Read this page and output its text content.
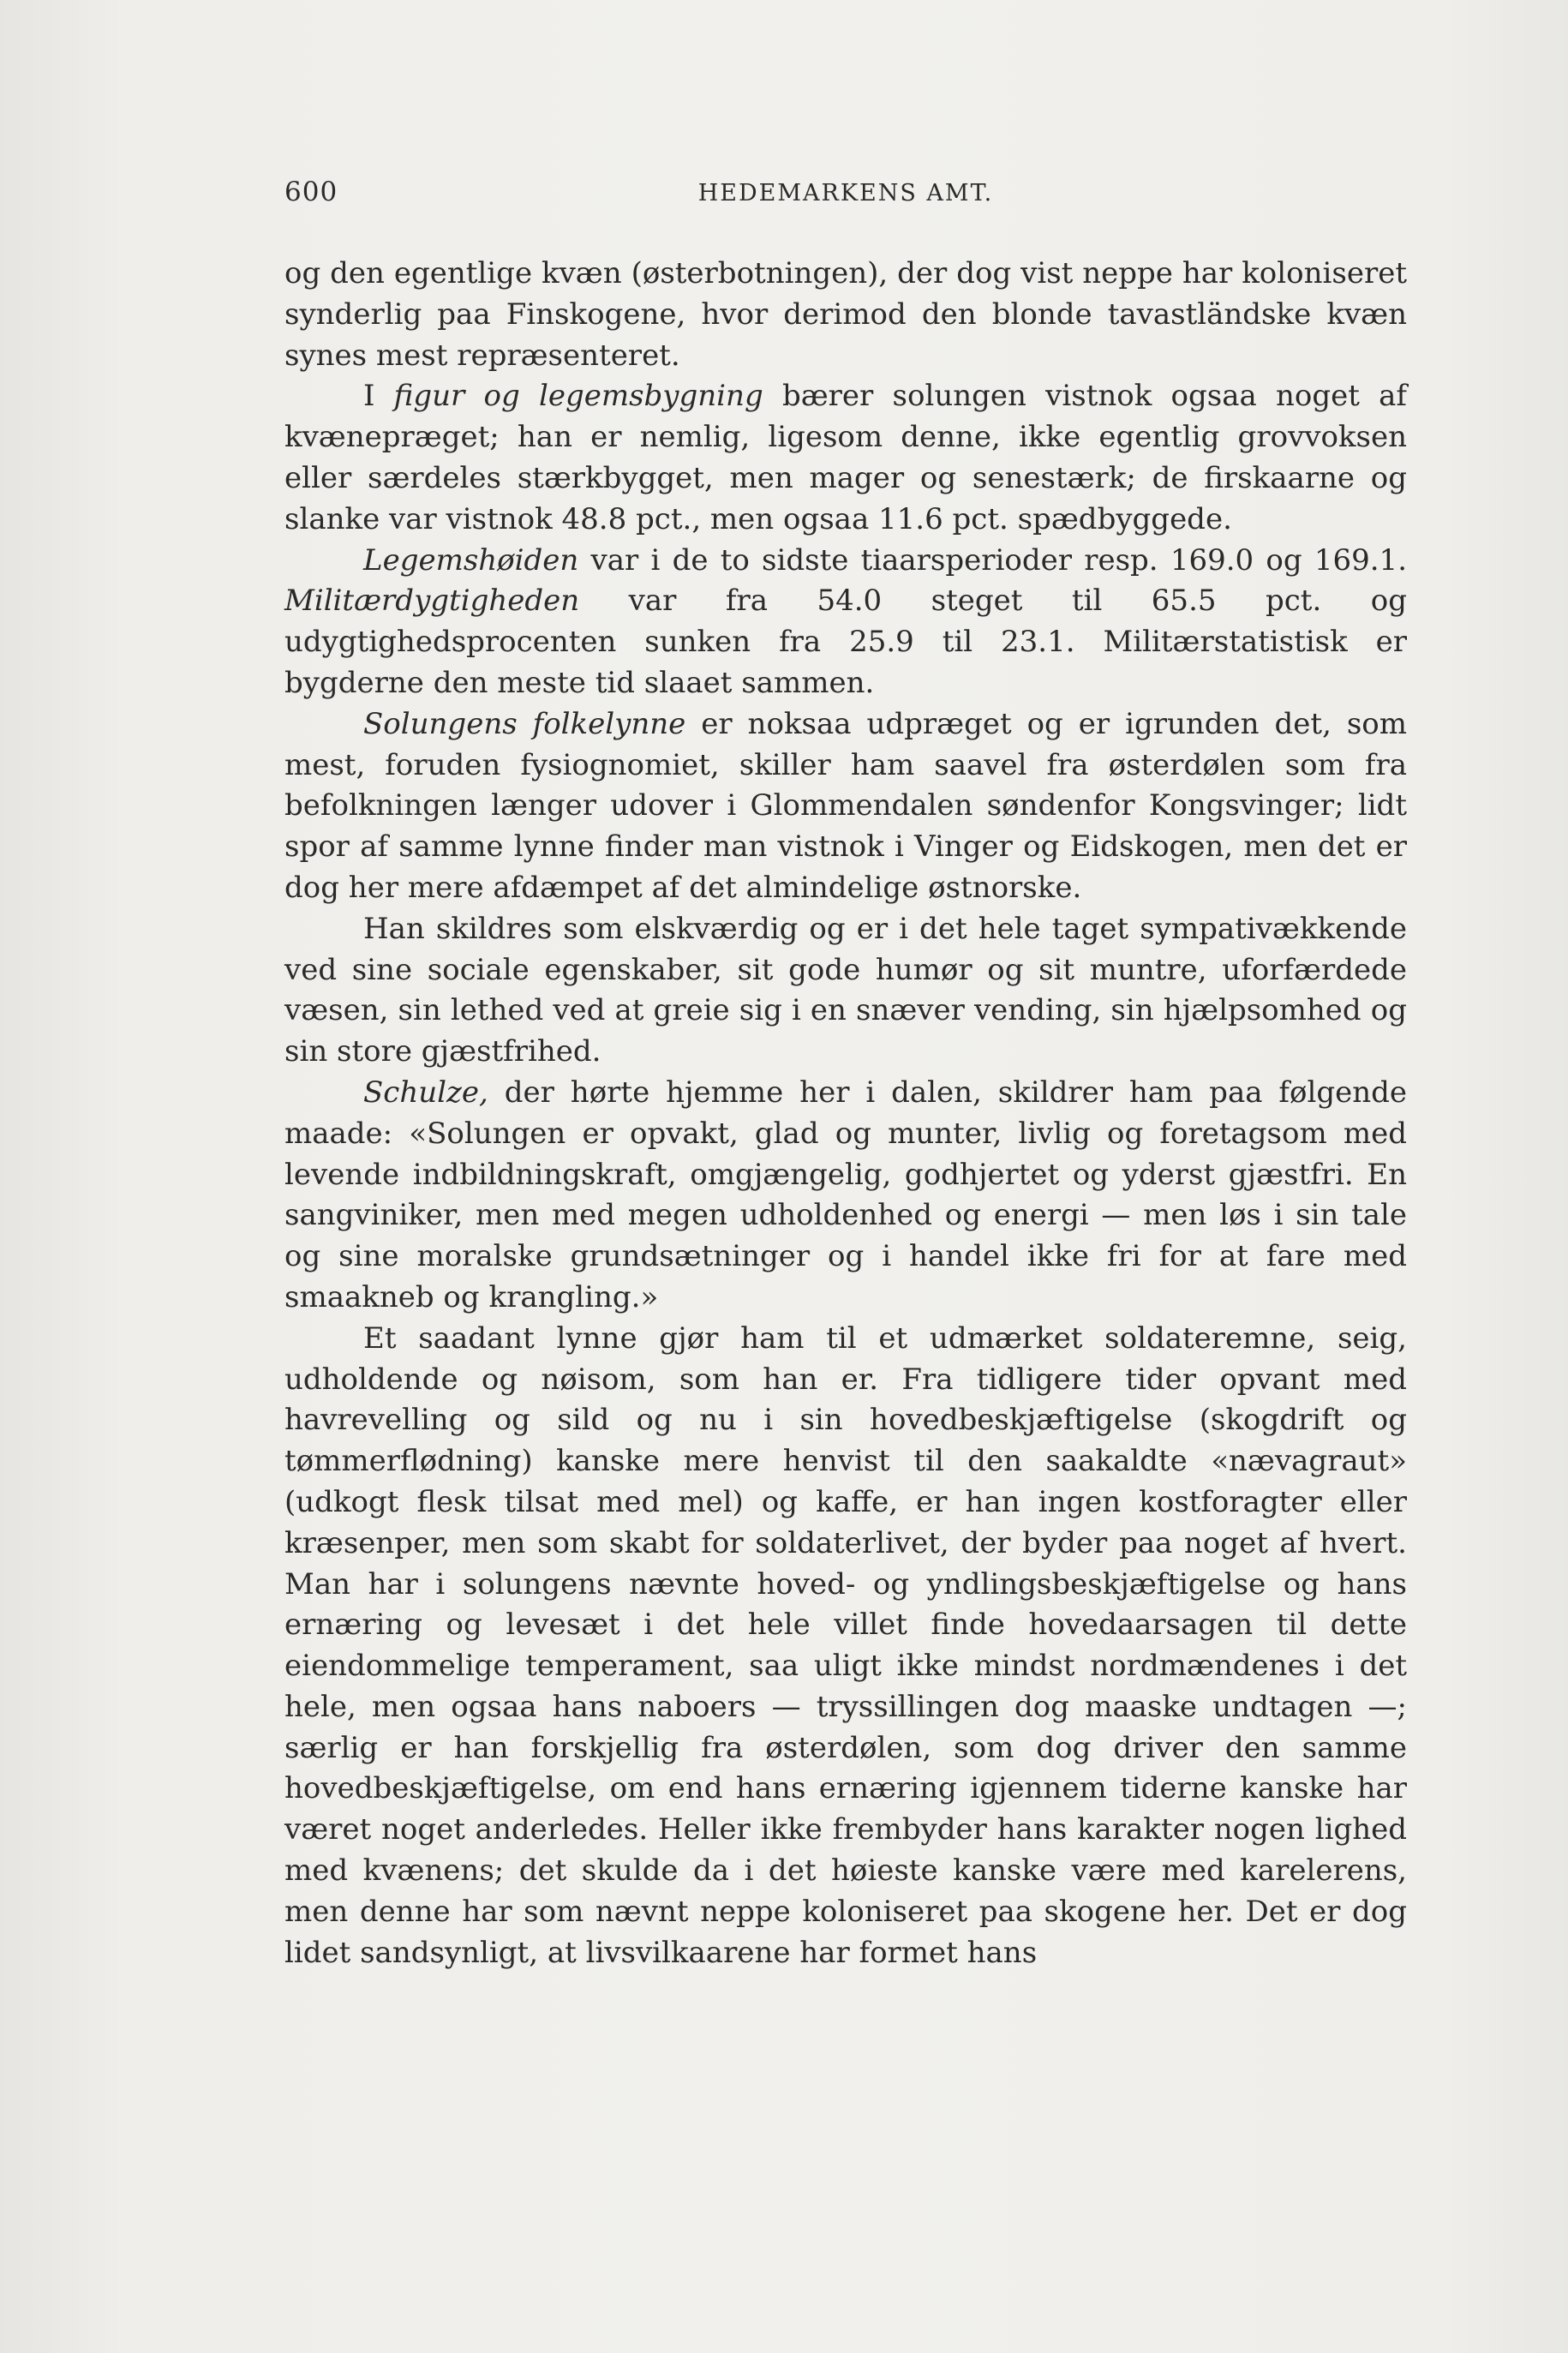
600	HEDEMARKENS AMT.

og den egentlige kvæn (østerbotningen), der dog vist neppe har koloniseret synderlig paa Finskogene, hvor derimod den blonde tavastländske kvæn synes mest repræsenteret.

I figur og legemsbygning bærer solungen vistnok ogsaa noget af kvænepræget; han er nemlig, ligesom denne, ikke egentlig grovvoksen eller særdeles stærkbygget, men mager og senestærk; de firskaarne og slanke var vistnok 48.8 pct., men ogsaa 11.6 pct. spædbyggede.

Legemshøiden var i de to sidste tiaarsperioder resp. 169.0 og 169.1. Militærdygtigheden var fra 54.0 steget til 65.5 pct. og udygtighedsprocenten sunken fra 25.9 til 23.1. Militærstatistisk er bygderne den meste tid slaaet sammen.

Solungens folkelynne er noksaa udpræget og er igrunden det, som mest, foruden fysiognomiet, skiller ham saavel fra østerdølen som fra befolkningen længer udover i Glommendalen søndenfor Kongsvinger; lidt spor af samme lynne finder man vistnok i Vinger og Eidskogen, men det er dog her mere afdæmpet af det almindelige østnorske.

Han skildres som elskværdig og er i det hele taget sympativækkende ved sine sociale egenskaber, sit gode humør og sit muntre, uforfærdede væsen, sin lethed ved at greie sig i en snæver vending, sin hjælpsomhed og sin store gjæstfrihed.

Schulze, der hørte hjemme her i dalen, skildrer ham paa følgende maade: «Solungen er opvakt, glad og munter, livlig og foretagsom med levende indbildningskraft, omgjængelig, godhjertet og yderst gjæstfri. En sangviniker, men med megen udholdenhed og energi — men løs i sin tale og sine moralske grundsætninger og i handel ikke fri for at fare med smaakneb og krangling.»

Et saadant lynne gjør ham til et udmærket soldateremne, seig, udholdende og nøisom, som han er. Fra tidligere tider opvant med havrevelling og sild og nu i sin hovedbeskjæftigelse (skogdrift og tømmerflødning) kanske mere henvist til den saakaldte «nævagraut» (udkogt flesk tilsat med mel) og kaffe, er han ingen kostforagter eller kræsenper, men som skabt for soldaterlivet, der byder paa noget af hvert. Man har i solungens nævnte hoved- og yndlingsbeskjæftigelse og hans ernæring og levesæt i det hele villet finde hovedaarsagen til dette eiendommelige temperament, saa uligt ikke mindst nordmændenes i det hele, men ogsaa hans naboers — tryssillingen dog maaske undtagen —; særlig er han forskjellig fra østerdølen, som dog driver den samme hovedbeskjæftigelse, om end hans ernæring igjennem tiderne kanske har været noget anderledes. Heller ikke frembyder hans karakter nogen lighed med kvænens; det skulde da i det høieste kanske være med karelerens, men denne har som nævnt neppe koloniseret paa skogene her. Det er dog lidet sandsynligt, at livsvilkaarene har formet hans
